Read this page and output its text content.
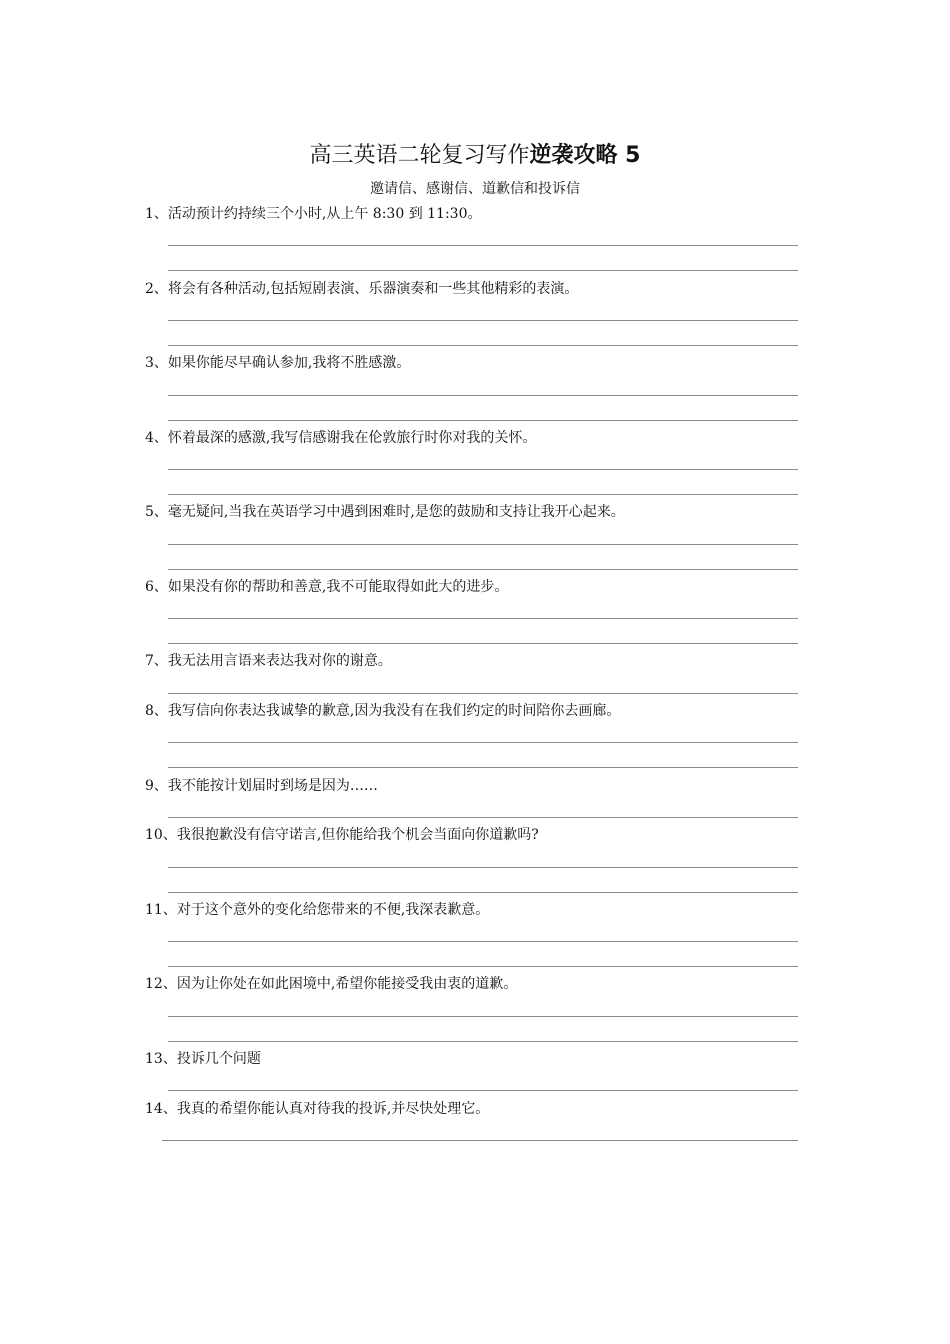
高三英语二轮复习写作逆袭攻略 5
邀请信、感谢信、道歉信和投诉信
1、活动预计约持续三个小时,从上午 8:30 到 11:30。
2、将会有各种活动,包括短剧表演、乐器演奏和一些其他精彩的表演。
3、如果你能尽早确认参加,我将不胜感激。
4、怀着最深的感激,我写信感谢我在伦敦旅行时你对我的关怀。
5、毫无疑问,当我在英语学习中遇到困难时,是您的鼓励和支持让我开心起来。
6、如果没有你的帮助和善意,我不可能取得如此大的进步。
7、我无法用言语来表达我对你的谢意。
8、我写信向你表达我诚挚的歉意,因为我没有在我们约定的时间陪你去画廊。
9、我不能按计划届时到场是因为……
10、我很抱歉没有信守诺言,但你能给我个机会当面向你道歉吗?
11、对于这个意外的变化给您带来的不便,我深表歉意。
12、因为让你处在如此困境中,希望你能接受我由衷的道歉。
13、投诉几个问题
14、我真的希望你能认真对待我的投诉,并尽快处理它。
